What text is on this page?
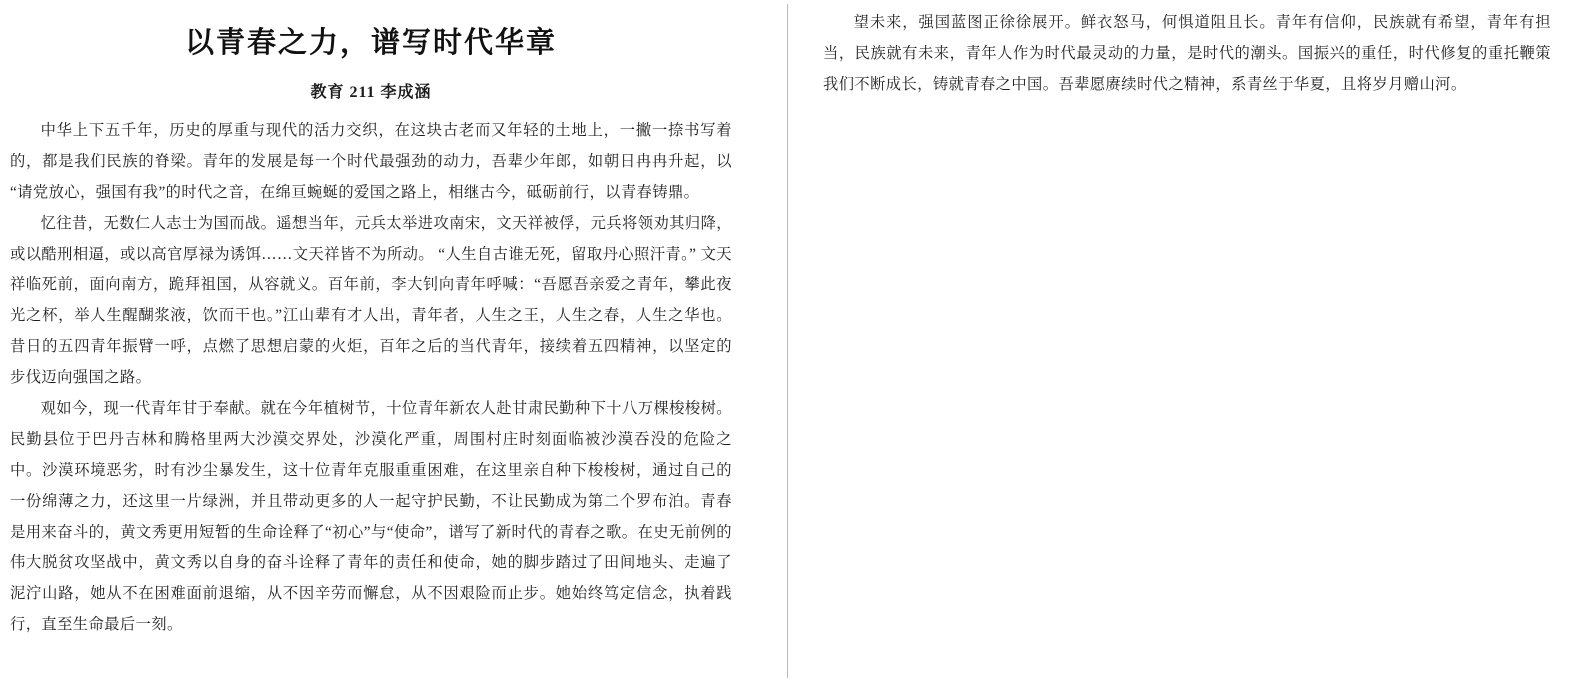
以青春之力，谱写时代华章
教育 211 李成涵

中华上下五千年，历史的厚重与现代的活力交织，在这块古老而又年轻的土地上，一撇一捺书写着的，都是我们民族的脊梁。青年的发展是每一个时代最强劲的动力，吾辈少年郎，如朝日冉冉升起，以“请党放心，强国有我”的时代之音，在绵亘蜿蜒的爱国之路上，相继古今，砥砺前行，以青春铸鼎。

忆往昔，无数仁人志士为国而战。遥想当年，元兵太举进攻南宋，文天祥被俘，元兵将领劝其归降，或以酷刑相逼，或以高官厚禄为诱饵……文天祥皆不为所动。 “人生自古谁无死，留取丹心照汗青。” 文天祥临死前，面向南方，跪拜祖国，从容就义。百年前，李大钊向青年呼喊：“吾愿吾亲爱之青年，攀此夜光之杯，举人生醒醐浆液，饮而干也。”江山辈有才人出，青年者，人生之王，人生之春，人生之华也。 昔日的五四青年振臂一呼，点燃了思想启蒙的火炬，百年之后的当代青年，接续着五四精神，以坚定的步伐迈向强国之路。

观如今，现一代青年甘于奉献。就在今年植树节，十位青年新农人赴甘肃民勤种下十八万棵梭梭树。民勤县位于巴丹吉林和腾格里两大沙漠交界处，沙漠化严重，周围村庄时刻面临被沙漠吞没的危险之中。沙漠环境恶劣，时有沙尘暴发生，这十位青年克服重重困难，在这里亲自种下梭梭树，通过自己的一份绵薄之力，还这里一片绿洲，并且带动更多的人一起守护民勤，不让民勤成为第二个罗布泊。青春是用来奋斗的，黄文秀更用短暂的生命诠释了“初心”与“使命”，谱写了新时代的青春之歌。在史无前例的伟大脱贫攻坚战中，黄文秀以自身的奋斗诠释了青年的责任和使命，她的脚步踏过了田间地头、走遍了泥泞山路，她从不在困难面前退缩，从不因辛劳而懈怠，从不因艰险而止步。她始终笃定信念，执着践行，直至生命最后一刻。

望未来，强国蓝图正徐徐展开。鲜衣怒马，何惧道阻且长。青年有信仰，民族就有希望，青年有担当，民族就有未来，青年人作为时代最灵动的力量，是时代的潮头。国振兴的重任，时代修复的重托鞭策我们不断成长，铸就青春之中国。吾辈愿赓续时代之精神，系青丝于华夏，且将岁月赠山河。
